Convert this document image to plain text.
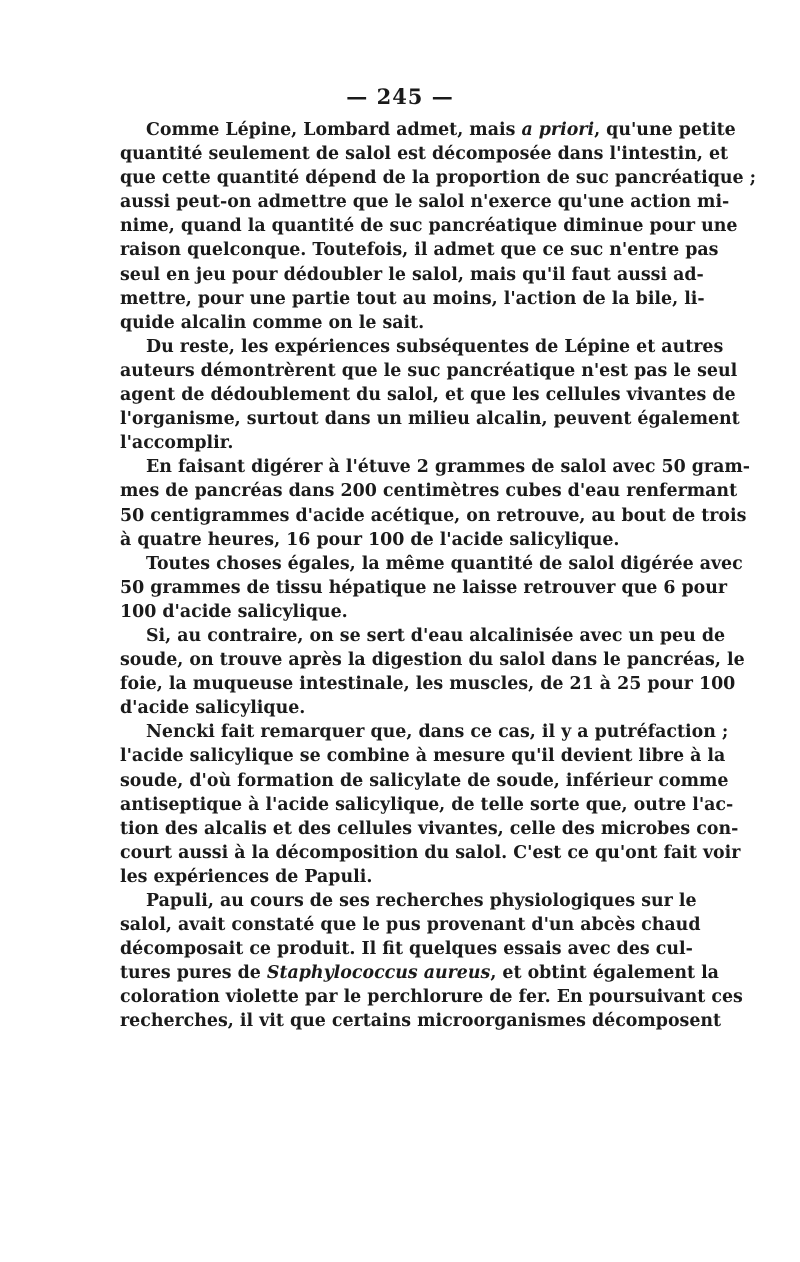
— 245 —
Comme Lépine, Lombard admet, mais a priori, qu'une petite
quantité seulement de salol est décomposée dans l'intestin, et
que cette quantité dépend de la proportion de suc pancréatique ;
aussi peut-on admettre que le salol n'exerce qu'une action mi-
nime, quand la quantité de suc pancréatique diminue pour une
raison quelconque. Toutefois, il admet que ce suc n'entre pas
seul en jeu pour dédoubler le salol, mais qu'il faut aussi ad-
mettre, pour une partie tout au moins, l'action de la bile, li-
quide alcalin comme on le sait.
Du reste, les expériences subséquentes de Lépine et autres
auteurs démontrèrent que le suc pancréatique n'est pas le seul
agent de dédoublement du salol, et que les cellules vivantes de
l'organisme, surtout dans un milieu alcalin, peuvent également
l'accomplir.
En faisant digérer à l'étuve 2 grammes de salol avec 50 gram-
mes de pancréas dans 200 centimètres cubes d'eau renfermant
50 centigrammes d'acide acétique, on retrouve, au bout de trois
à quatre heures, 16 pour 100 de l'acide salicylique.
Toutes choses égales, la même quantité de salol digérée avec
50 grammes de tissu hépatique ne laisse retrouver que 6 pour
100 d'acide salicylique.
Si, au contraire, on se sert d'eau alcalinisée avec un peu de
soude, on trouve après la digestion du salol dans le pancréas, le
foie, la muqueuse intestinale, les muscles, de 21 à 25 pour 100
d'acide salicylique.
Nencki fait remarquer que, dans ce cas, il y a putréfaction ;
l'acide salicylique se combine à mesure qu'il devient libre à la
soude, d'où formation de salicylate de soude, inférieur comme
antiseptique à l'acide salicylique, de telle sorte que, outre l'ac-
tion des alcalis et des cellules vivantes, celle des microbes con-
court aussi à la décomposition du salol. C'est ce qu'ont fait voir
les expériences de Papuli.
Papuli, au cours de ses recherches physiologiques sur le
salol, avait constaté que le pus provenant d'un abcès chaud
décomposait ce produit. Il fit quelques essais avec des cul-
tures pures de Staphylococcus aureus, et obtint également la
coloration violette par le perchlorure de fer. En poursuivant ces
recherches, il vit que certains microorganismes décomposent
